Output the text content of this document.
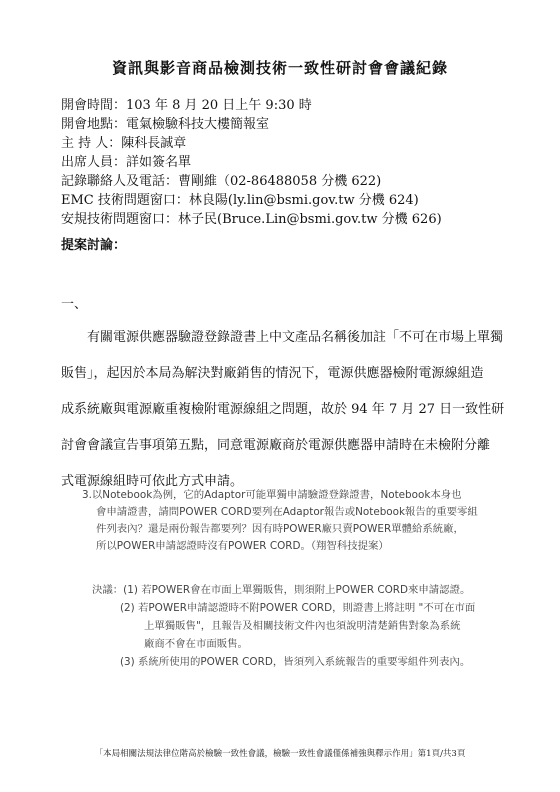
資訊與影音商品檢測技術一致性研討會會議紀錄
開會時間：103 年 8 月 20 日上午 9:30 時
開會地點：電氣檢驗科技大樓簡報室
主 持 人：陳科長誠章
出席人員：詳如簽名單
記錄聯絡人及電話：曹剛維（02-86488058 分機 622)
EMC 技術問題窗口：林良陽(ly.lin@bsmi.gov.tw 分機 624)
安規技術問題窗口：林子民(Bruce.Lin@bsmi.gov.tw 分機 626)
提案討論：
一、
有關電源供應器驗證登錄證書上中文產品名稱後加註「不可在市場上單獨
販售」，起因於本局為解決對廠銷售的情況下，電源供應器檢附電源線組造
成系統廠與電源廠重複檢附電源線組之問題，故於 94 年 7 月 27 日一致性研
討會會議宣告事項第五點，同意電源廠商於電源供應器申請時在未檢附分離
式電源線組時可依此方式申請。
3.以Notebook為例，它的Adaptor可能單獨申請驗證登錄證書，Notebook本身也
會申請證書，請問POWER CORD要列在Adaptor報告或Notebook報告的重要零組
件列表內？還是兩份報告都要列？因有時POWER廠只賣POWER單體給系統廠，
所以POWER申請認證時沒有POWER CORD。（翔智科技提案）
決議：(1) 若POWER會在市面上單獨販售，則須附上POWER CORD來申請認證。
(2) 若POWER申請認證時不附POWER CORD，則證書上將註明 "不可在市面
上單獨販售"，且報告及相關技術文件內也須說明清楚銷售對象為系統
廠商不會在市面販售。
(3) 系統所使用的POWER CORD，皆須列入系統報告的重要零組件列表內。
「本局相關法規法律位階高於檢驗一致性會議，檢驗一致性會議僅係補強與釋示作用」第1頁/共3頁
